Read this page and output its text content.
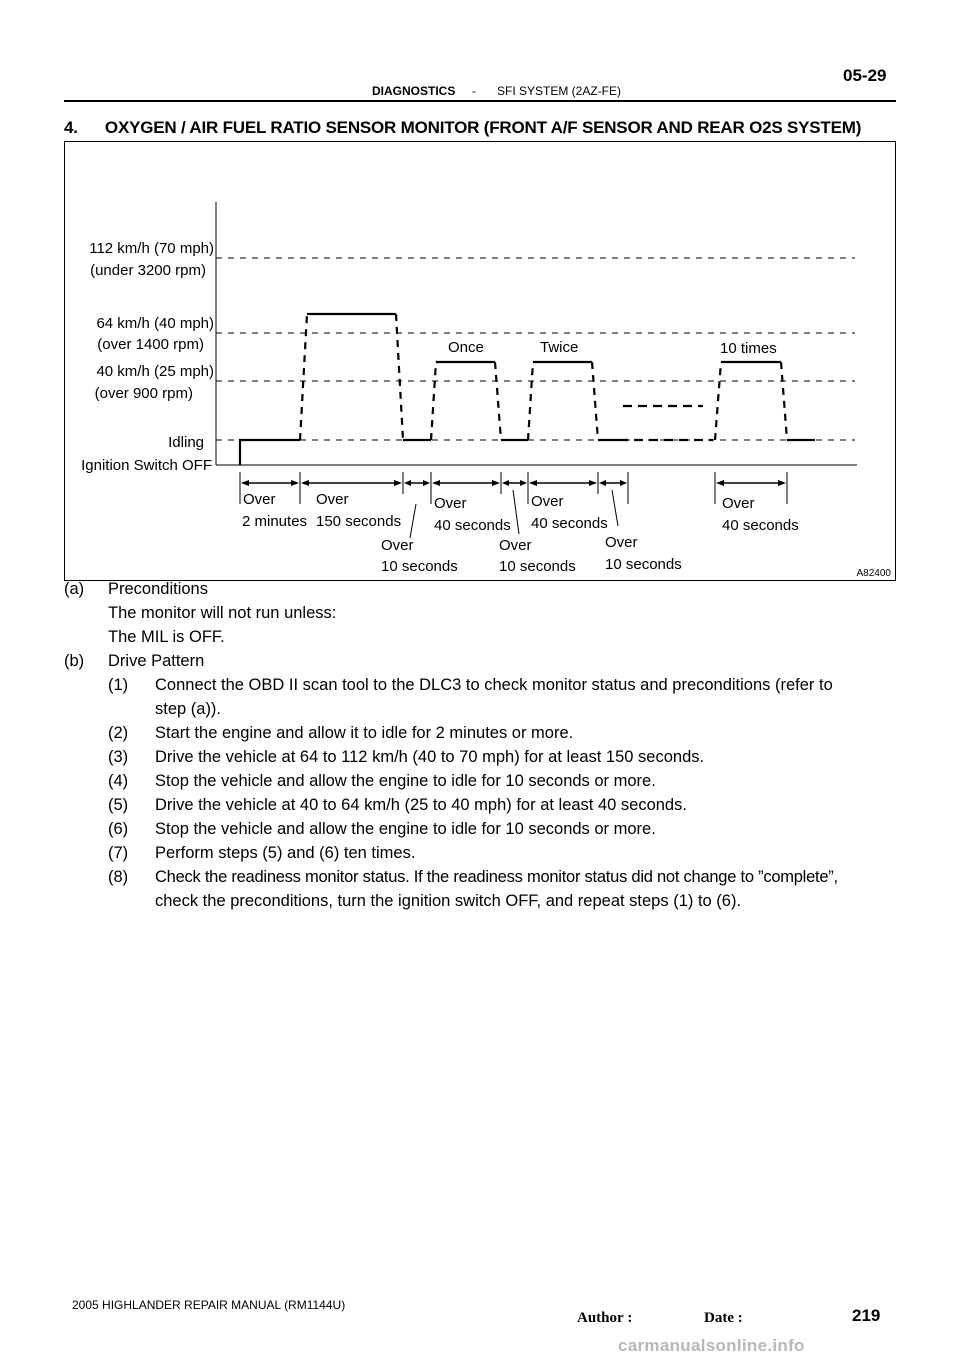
05-29
DIAGNOSTICS - SFI SYSTEM (2AZ-FE)
4.      OXYGEN / AIR FUEL RATIO SENSOR MONITOR (FRONT A/F SENSOR AND REAR O2S SYSTEM)
112 km/h (70 mph)
(under 3200 rpm)
64 km/h (40 mph)
(over 1400 rpm)
40 km/h (25 mph)
(over 900 rpm)
Idling
Ignition Switch OFF
Once	Twice	10 times
Over
2 minutes
Over
150 seconds
Over
10 seconds
Over
40 seconds
Over
10 seconds
Over
40 seconds
Over
10 seconds
Over
40 seconds
A82400
(a) Preconditions
The monitor will not run unless:
The MIL is OFF.
(b) Drive Pattern
(1) Connect the OBD II scan tool to the DLC3 to check monitor status and preconditions (refer to
step (a)).
(2) Start the engine and allow it to idle for 2 minutes or more.
(3) Drive the vehicle at 64 to 112 km/h (40 to 70 mph) for at least 150 seconds.
(4) Stop the vehicle and allow the engine to idle for 10 seconds or more.
(5) Drive the vehicle at 40 to 64 km/h (25 to 40 mph) for at least 40 seconds.
(6) Stop the vehicle and allow the engine to idle for 10 seconds or more.
(7) Perform steps (5) and (6) ten times.
(8) Check the readiness monitor status. If the readiness monitor status did not change to ”complete”,
check the preconditions, turn the ignition switch OFF, and repeat steps (1) to (6).
2005 HIGHLANDER REPAIR MANUAL (RM1144U)
Author :	Date :	219
carmanualsonline.info
